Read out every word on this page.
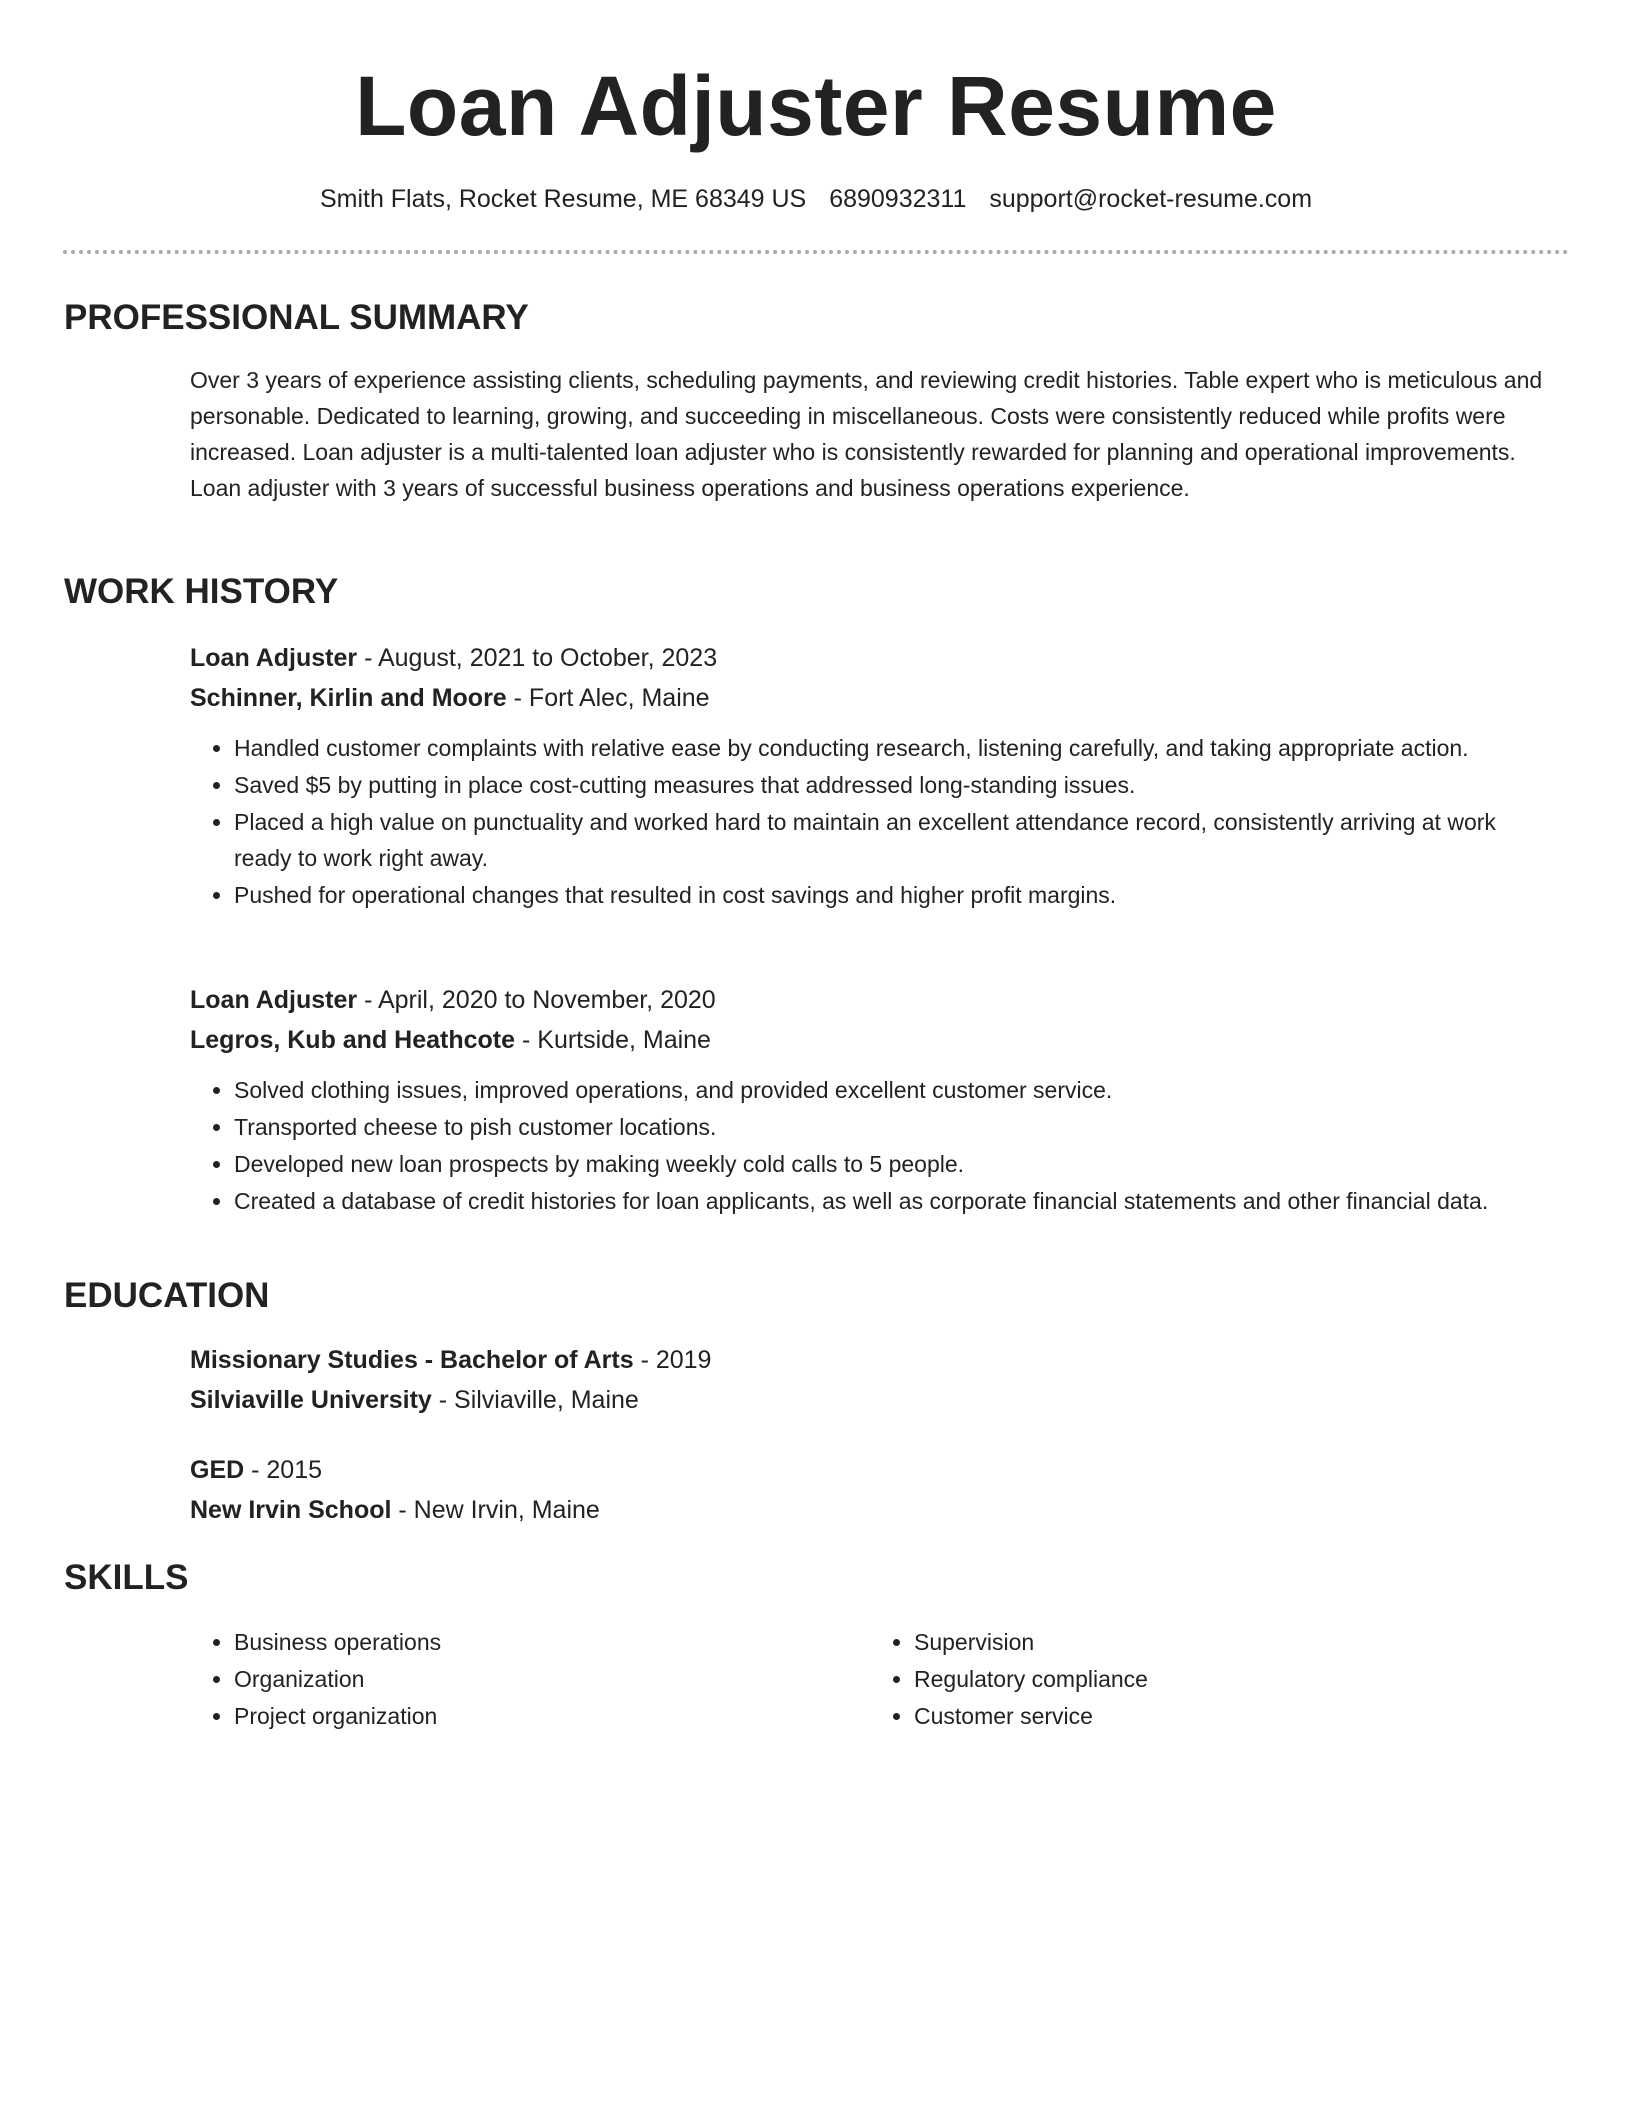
Loan Adjuster Resume
Smith Flats, Rocket Resume, ME 68349 US 6890932311 support@rocket-resume.com
PROFESSIONAL SUMMARY
Over 3 years of experience assisting clients, scheduling payments, and reviewing credit histories. Table expert who is meticulous and personable. Dedicated to learning, growing, and succeeding in miscellaneous. Costs were consistently reduced while profits were increased. Loan adjuster is a multi-talented loan adjuster who is consistently rewarded for planning and operational improvements. Loan adjuster with 3 years of successful business operations and business operations experience.
WORK HISTORY
Loan Adjuster - August, 2021 to October, 2023
Schinner, Kirlin and Moore - Fort Alec, Maine
• Handled customer complaints with relative ease by conducting research, listening carefully, and taking appropriate action.
• Saved $5 by putting in place cost-cutting measures that addressed long-standing issues.
• Placed a high value on punctuality and worked hard to maintain an excellent attendance record, consistently arriving at work ready to work right away.
• Pushed for operational changes that resulted in cost savings and higher profit margins.
Loan Adjuster - April, 2020 to November, 2020
Legros, Kub and Heathcote - Kurtside, Maine
• Solved clothing issues, improved operations, and provided excellent customer service.
• Transported cheese to pish customer locations.
• Developed new loan prospects by making weekly cold calls to 5 people.
• Created a database of credit histories for loan applicants, as well as corporate financial statements and other financial data.
EDUCATION
Missionary Studies - Bachelor of Arts - 2019
Silviaville University - Silviaville, Maine
GED - 2015
New Irvin School - New Irvin, Maine
SKILLS
• Business operations
• Organization
• Project organization
• Supervision
• Regulatory compliance
• Customer service
